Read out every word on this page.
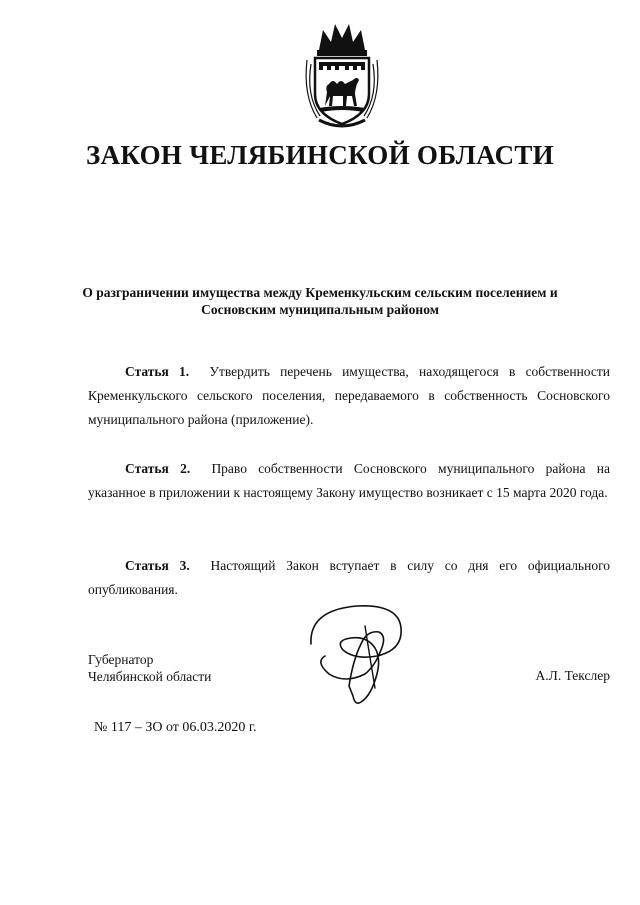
ЗАКОН ЧЕЛЯБИНСКОЙ ОБЛАСТИ
О разграничении имущества между Кременкульским сельским поселением и
Сосновским муниципальным районом
Статья 1. Утвердить перечень имущества, находящегося в собственности Кременкульского сельского поселения, передаваемого в собственность Сосновского муниципального района (приложение).
Статья 2. Право собственности Сосновского муниципального района на указанное в приложении к настоящему Закону имущество возникает с 15 марта 2020 года.
Статья 3. Настоящий Закон вступает в силу со дня его официального опубликования.
Губернатор
Челябинской области	А.Л. Текслер
№ 117 – ЗО от 06.03.2020 г.
